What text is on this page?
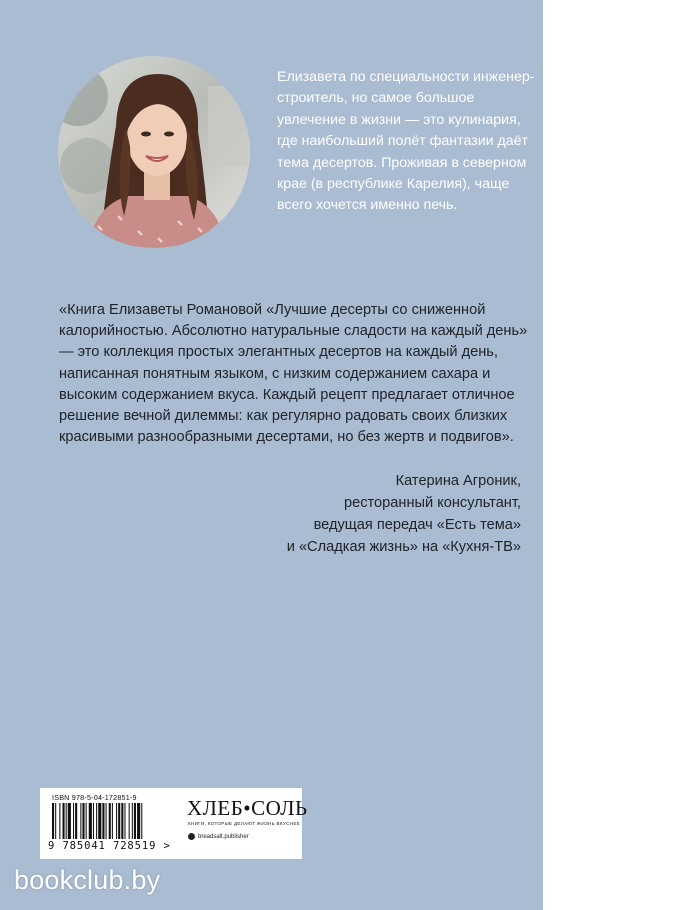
Елизавета по специальности инженер-строитель, но самое большое увлечение в жизни — это кулинария, где наибольший полёт фантазии даёт тема десертов. Проживая в северном крае (в республике Карелия), чаще всего хочется именно печь.

«Книга Елизаветы Романовой «Лучшие десерты со сниженной калорийностью. Абсолютно натуральные сладости на каждый день» — это коллекция простых элегантных десертов на каждый день, написанная понятным языком, с низким содержанием сахара и высоким содержанием вкуса. Каждый рецепт предлагает отличное решение вечной дилеммы: как регулярно радовать своих близких красивыми разнообразными десертами, но без жертв и подвигов».

Катерина Агроник,
ресторанный консультант,
ведущая передач «Есть тема»
и «Сладкая жизнь» на «Кухня-ТВ»
ISBN 978-5-04-172851-9
9 785041 728519 >
ХЛЕБ•СОЛЬ
КНИГИ, КОТОРЫЕ ДЕЛАЮТ ЖИЗНЬ ВКУСНЕЕ
breadsalt.publisher
bookclub.by
